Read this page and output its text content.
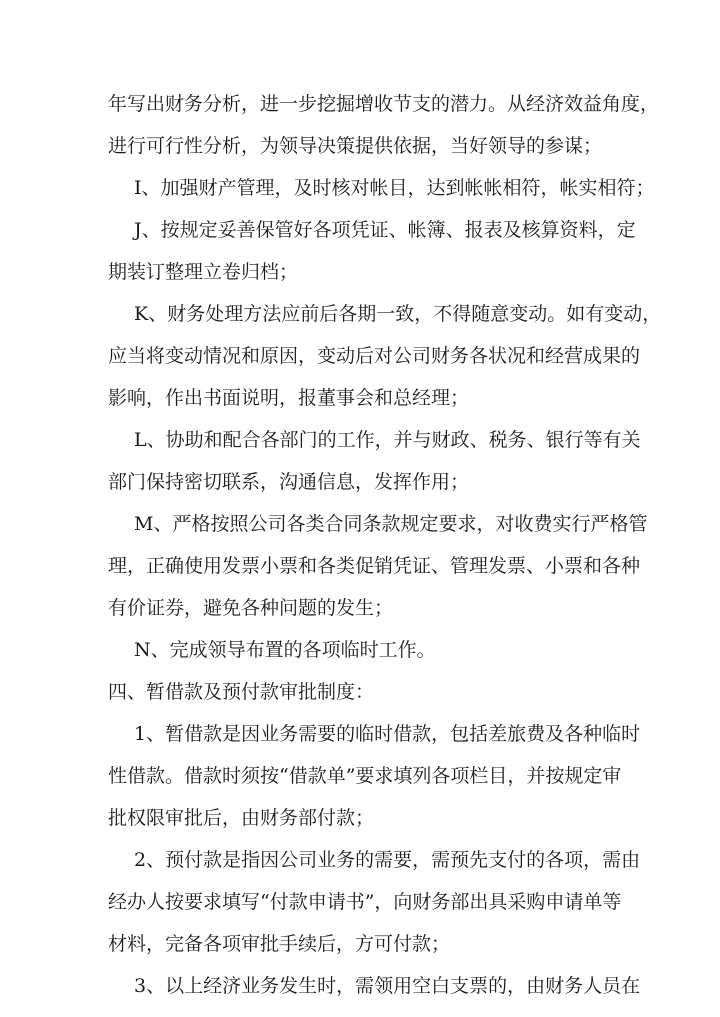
年写出财务分析，进一步挖掘增收节支的潜力。从经济效益角度，
进行可行性分析，为领导决策提供依据，当好领导的参谋；
I、加强财产管理，及时核对帐目，达到帐帐相符，帐实相符；
J、按规定妥善保管好各项凭证、帐簿、报表及核算资料，定
期装订整理立卷归档；
K、财务处理方法应前后各期一致，不得随意变动。如有变动，
应当将变动情况和原因，变动后对公司财务各状况和经营成果的
影响，作出书面说明，报董事会和总经理；
L、协助和配合各部门的工作，并与财政、税务、银行等有关
部门保持密切联系，沟通信息，发挥作用；
M、严格按照公司各类合同条款规定要求，对收费实行严格管
理，正确使用发票小票和各类促销凭证、管理发票、小票和各种
有价证券，避免各种问题的发生；
N、完成领导布置的各项临时工作。
四、暂借款及预付款审批制度：
1、暂借款是因业务需要的临时借款，包括差旅费及各种临时
性借款。借款时须按“借款单”要求填列各项栏目，并按规定审
批权限审批后，由财务部付款；
2、预付款是指因公司业务的需要，需预先支付的各项，需由
经办人按要求填写“付款申请书”，向财务部出具采购申请单等
材料，完备各项审批手续后，方可付款；
3、以上经济业务发生时，需领用空白支票的，由财务人员在
